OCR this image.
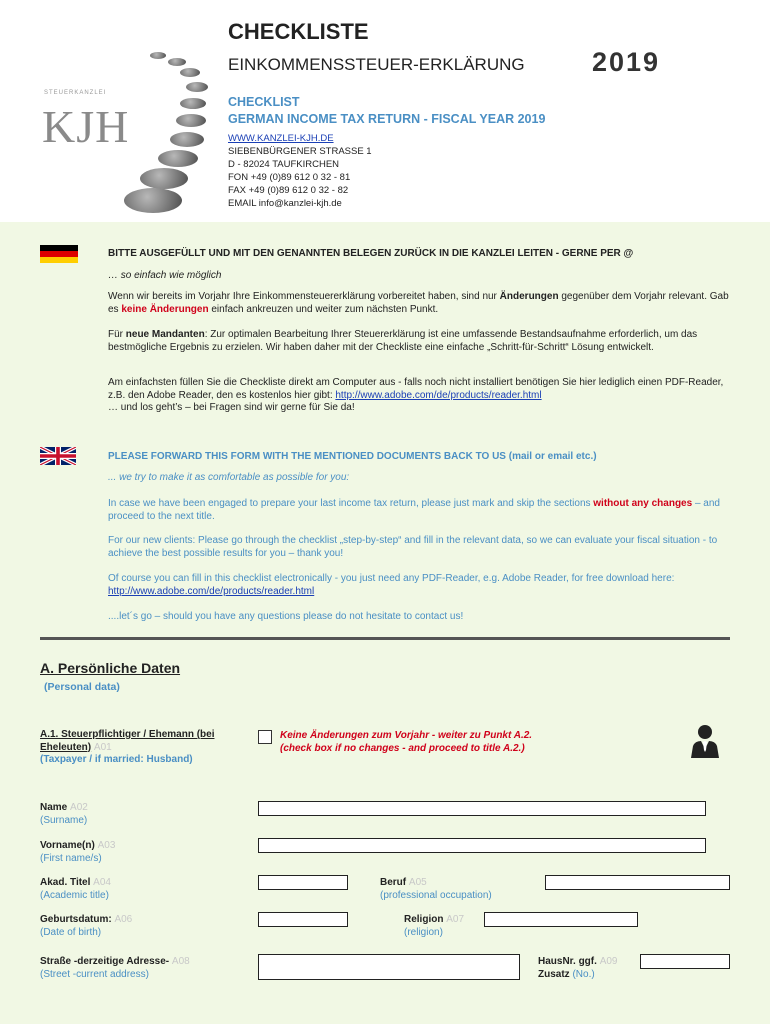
STEUERKANZLEI
KJH
CHECKLISTE
EINKOMMENSSTEUER-ERKLÄRUNG 2019
CHECKLIST
GERMAN INCOME TAX RETURN - FISCAL YEAR 2019
WWW.KANZLEI-KJH.DE
SIEBENBÜRGENER STRASSE 1
D - 82024 TAUFKIRCHEN
FON +49 (0)89 612 0 32 - 81
FAX +49 (0)89 612 0 32 - 82
EMAIL info@kanzlei-kjh.de
BITTE AUSGEFÜLLT UND MIT DEN GENANNTEN BELEGEN ZURÜCK IN DIE KANZLEI LEITEN - GERNE PER @
… so einfach wie möglich
Wenn wir bereits im Vorjahr Ihre Einkommensteuererklärung vorbereitet haben, sind nur Änderungen gegenüber dem Vorjahr relevant. Gab es keine Änderungen einfach ankreuzen und weiter zum nächsten Punkt.
Für neue Mandanten: Zur optimalen Bearbeitung Ihrer Steuererklärung ist eine umfassende Bestandsaufnahme erforderlich, um das bestmögliche Ergebnis zu erzielen. Wir haben daher mit der Checkliste eine einfache „Schritt-für-Schritt“ Lösung entwickelt.
Am einfachsten füllen Sie die Checkliste direkt am Computer aus - falls noch nicht installiert benötigen Sie hier lediglich einen PDF-Reader, z.B. den Adobe Reader, den es kostenlos hier gibt: http://www.adobe.com/de/products/reader.html
… und los geht’s – bei Fragen sind wir gerne für Sie da!
PLEASE FORWARD THIS FORM WITH THE MENTIONED DOCUMENTS BACK TO US (mail or email etc.)
... we try to make it as comfortable as possible for you:
In case we have been engaged to prepare your last income tax return, please just mark and skip the sections without any changes – and proceed to the next title.
For our new clients: Please go through the checklist „step-by-step“ and fill in the relevant data, so we can evaluate your fiscal situation - to achieve the best possible results for you – thank you!
Of course you can fill in this checklist electronically - you just need any PDF-Reader, e.g. Adobe Reader, for free download here: http://www.adobe.com/de/products/reader.html
....let´s go – should you have any questions please do not hesitate to contact us!
A. Persönliche Daten
(Personal data)
A.1. Steuerpflichtiger / Ehemann (bei
Eheleuten) A01
(Taxpayer / if married: Husband)
Keine Änderungen zum Vorjahr - weiter zu Punkt A.2.
(check box if no changes - and proceed to title A.2.)
Name A02
(Surname)
Vorname(n) A03
(First name/s)
Akad. Titel A04
(Academic title)
Beruf A05
(professional occupation)
Geburtsdatum: A06
(Date of birth)
Religion A07
(religion)
Straße -derzeitige Adresse- A08
(Street -current address)
HausNr. ggf. A09
Zusatz (No.)
